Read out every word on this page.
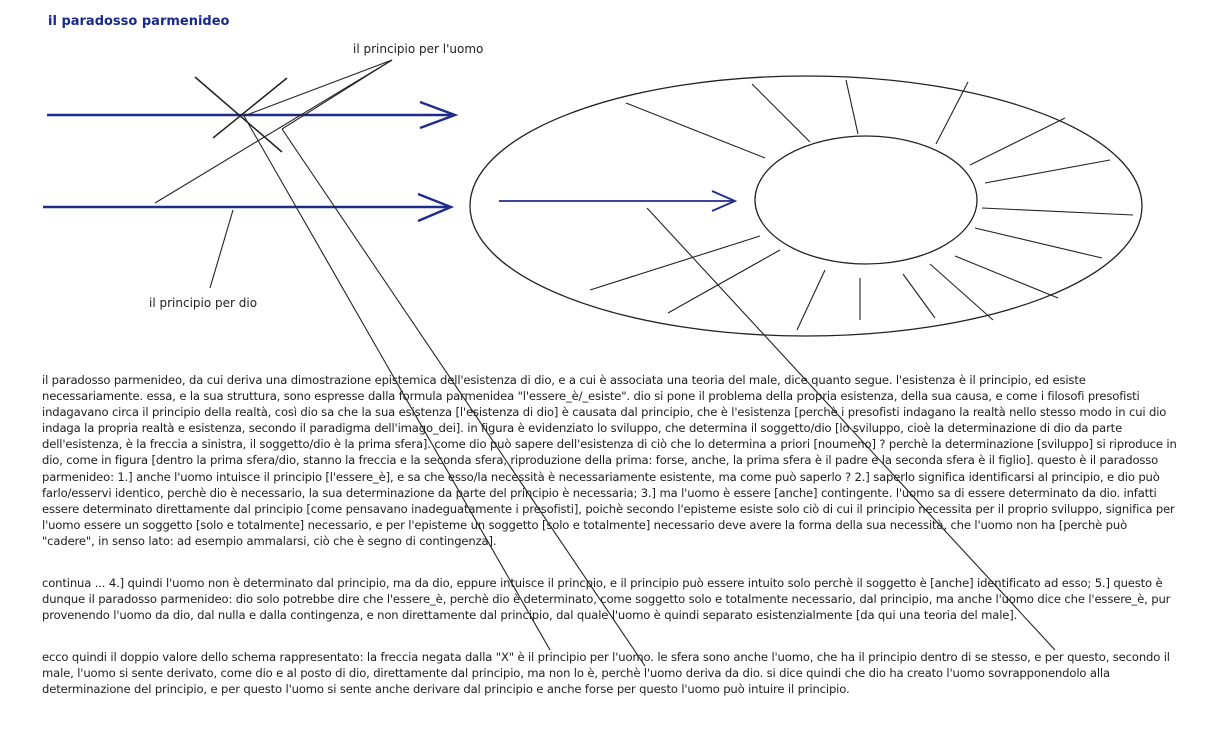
il paradosso parmenideo
il principio per l'uomo
il principio per dio
il paradosso parmenideo, da cui deriva una dimostrazione epistemica dell'esistenza di dio, e a cui è associata una teoria del male, dice quanto segue. l'esistenza è il principio, ed esiste necessariamente. essa, e la sua struttura, sono espresse dalla formula parmenidea "l'essere_è/_esiste". dio si pone il problema della propria esistenza, della sua causa, e come i filosofi presofisti indagavano circa il principio della realtà, così dio sa che la sua esistenza [l'esistenza di dio] è causata dal principio, che è l'esistenza [perchè i presofisti indagano la realtà nello stesso modo in cui dio indaga la propria realtà e esistenza, secondo il paradigma dell'imago_dei]. in figura è evidenziato lo sviluppo, che determina il soggetto/dio [lo sviluppo, cioè la determinazione di dio da parte dell'esistenza, è la freccia a sinistra, il soggetto/dio è la prima sfera]. come dio può sapere dell'esistenza di ciò che lo determina a priori [noumeno] ? perchè la determinazione [sviluppo] si riproduce in dio, come in figura [dentro la prima sfera/dio, stanno la freccia e la seconda sfera, riproduzione della prima: forse, anche, la prima sfera è il padre e la seconda sfera è il figlio]. questo è il paradosso parmenideo: 1.] anche l'uomo intuisce il principio [l'essere_è], e sa che esso/la necessità è necessariamente esistente, ma come può saperlo ? 2.] saperlo significa identificarsi al principio, e dio può farlo/esservi identico, perchè dio è necessario, la sua determinazione da parte del principio è necessaria; 3.] ma l'uomo è essere [anche] contingente. l'uomo sa di essere determinato da dio. infatti essere determinato direttamente dal principio [come pensavano inadeguatamente i presofisti], poichè secondo l'episteme esiste solo ciò di cui il principio necessita per il proprio sviluppo, significa per l'uomo essere un soggetto [solo e totalmente] necessario, e per l'episteme un soggetto [solo e totalmente] necessario deve avere la forma della sua necessità, che l'uomo non ha [perchè può "cadere", in senso lato: ad esempio ammalarsi, ciò che è segno di contingenza].
continua ... 4.] quindi l'uomo non è determinato dal principio, ma da dio, eppure intuisce il princpio, e il principio può essere intuito solo perchè il soggetto è [anche] identificato ad esso; 5.] questo è dunque il paradosso parmenideo: dio solo potrebbe dire che l'essere_è, perchè dio è determinato, come soggetto solo e totalmente necessario, dal principio, ma anche l'uomo dice che l'essere_è, pur provenendo l'uomo da dio, dal nulla e dalla contingenza, e non direttamente dal principio, dal quale l'uomo è quindi separato esistenzialmente [da qui una teoria del male].
ecco quindi il doppio valore dello schema rappresentato: la freccia negata dalla "X" è il principio per l'uomo. le sfera sono anche l'uomo, che ha il principio dentro di se stesso, e per questo, secondo il male, l'uomo si sente derivato, come dio e al posto di dio, direttamente dal principio, ma non lo è, perchè l'uomo deriva da dio. si dice quindi che dio ha creato l'uomo sovrapponendolo alla determinazione del principio, e per questo l'uomo si sente anche derivare dal principio e anche forse per questo l'uomo può intuire il principio.
